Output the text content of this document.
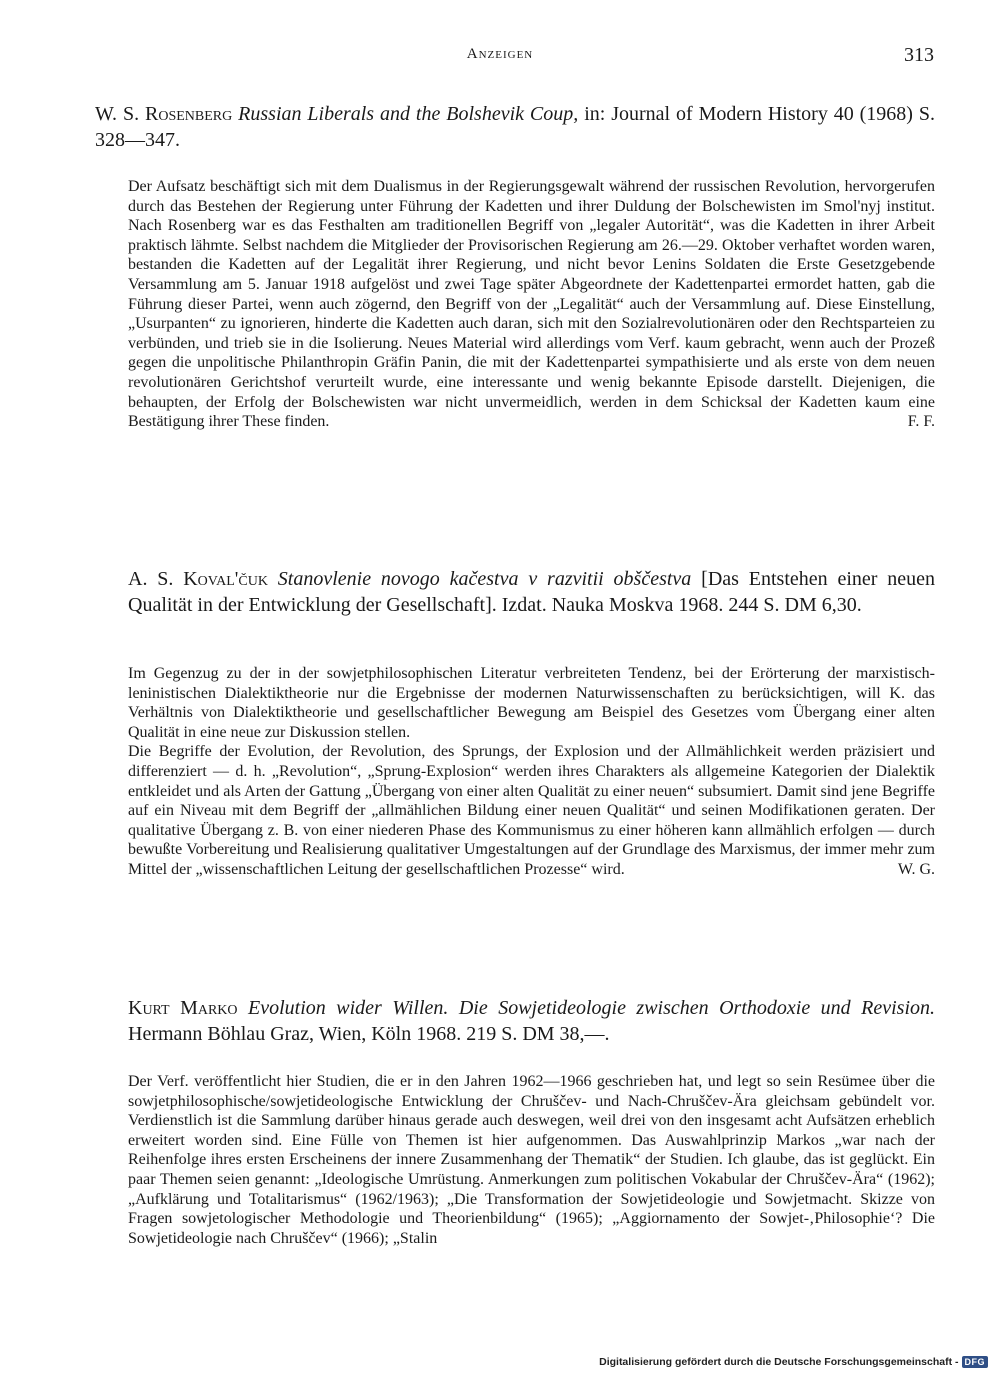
Anzeigen	313

W. S. Rosenberg Russian Liberals and the Bolshevik Coup, in: Journal of Modern History 40 (1968) S. 328—347.

Der Aufsatz beschäftigt sich mit dem Dualismus in der Regierungsgewalt während der russischen Revolution, hervorgerufen durch das Bestehen der Regierung unter Führung der Kadetten und ihrer Duldung der Bolschewisten im Smol'nyj institut. Nach Rosenberg war es das Festhalten am traditionellen Begriff von „legaler Autorität“, was die Kadetten in ihrer Arbeit praktisch lähmte. Selbst nachdem die Mitglieder der Provisorischen Regierung am 26.—29. Oktober verhaftet worden waren, bestanden die Kadetten auf der Legalität ihrer Regierung, und nicht bevor Lenins Soldaten die Erste Gesetzgebende Versammlung am 5. Januar 1918 aufgelöst und zwei Tage später Abgeordnete der Kadettenpartei ermordet hatten, gab die Führung dieser Partei, wenn auch zögernd, den Begriff von der „Legalität“ auch der Versammlung auf. Diese Einstellung, „Usurpanten“ zu ignorieren, hinderte die Kadetten auch daran, sich mit den Sozialrevolutionären oder den Rechtsparteien zu verbünden, und trieb sie in die Isolierung. Neues Material wird allerdings vom Verf. kaum gebracht, wenn auch der Prozeß gegen die unpolitische Philanthropin Gräfin Panin, die mit der Kadettenpartei sympathisierte und als erste von dem neuen revolutionären Gerichtshof verurteilt wurde, eine interessante und wenig bekannte Episode darstellt. Diejenigen, die behaupten, der Erfolg der Bolschewisten war nicht unvermeidlich, werden in dem Schicksal der Kadetten kaum eine Bestätigung ihrer These finden.	F. F.

A. S. Koval'čuk Stanovlenie novogo kačestva v razvitii obščestva [Das Entstehen einer neuen Qualität in der Entwicklung der Gesellschaft]. Izdat. Nauka Moskva 1968. 244 S. DM 6,30.

Im Gegenzug zu der in der sowjetphilosophischen Literatur verbreiteten Tendenz, bei der Erörterung der marxistisch-leninistischen Dialektiktheorie nur die Ergebnisse der modernen Naturwissenschaften zu berücksichtigen, will K. das Verhältnis von Dialektiktheorie und gesellschaftlicher Bewegung am Beispiel des Gesetzes vom Übergang einer alten Qualität in eine neue zur Diskussion stellen.

Die Begriffe der Evolution, der Revolution, des Sprungs, der Explosion und der Allmählichkeit werden präzisiert und differenziert — d. h. „Revolution“, „Sprung-Explosion“ werden ihres Charakters als allgemeine Kategorien der Dialektik entkleidet und als Arten der Gattung „Übergang von einer alten Qualität zu einer neuen“ subsumiert. Damit sind jene Begriffe auf ein Niveau mit dem Begriff der „allmählichen Bildung einer neuen Qualität“ und seinen Modifikationen geraten. Der qualitative Übergang z. B. von einer niederen Phase des Kommunismus zu einer höheren kann allmählich erfolgen — durch bewußte Vorbereitung und Realisierung qualitativer Umgestaltungen auf der Grundlage des Marxismus, der immer mehr zum Mittel der „wissenschaftlichen Leitung der gesellschaftlichen Prozesse“ wird.	W. G.

Kurt Marko Evolution wider Willen. Die Sowjetideologie zwischen Orthodoxie und Revision. Hermann Böhlau Graz, Wien, Köln 1968. 219 S. DM 38,—.

Der Verf. veröffentlicht hier Studien, die er in den Jahren 1962—1966 geschrieben hat, und legt so sein Resümee über die sowjetphilosophische/sowjetideologische Entwicklung der Chruščev- und Nach-Chruščev-Ära gleichsam gebündelt vor. Verdienstlich ist die Sammlung darüber hinaus gerade auch deswegen, weil drei von den insgesamt acht Aufsätzen erheblich erweitert worden sind. Eine Fülle von Themen ist hier aufgenommen. Das Auswahlprinzip Markos „war nach der Reihenfolge ihres ersten Erscheinens der innere Zusammenhang der Thematik“ der Studien. Ich glaube, das ist geglückt. Ein paar Themen seien genannt: „Ideologische Umrüstung. Anmerkungen zum politischen Vokabular der Chruščev-Ära“ (1962); „Aufklärung und Totalitarismus“ (1962/1963); „Die Transformation der Sowjetideologie und Sowjetmacht. Skizze von Fragen sowjetologischer Methodologie und Theorienbildung“ (1965); „Aggiornamento der Sowjet-‚Philosophie‘? Die Sowjetideologie nach Chruščev“ (1966); „Stalin

Digitalisierung gefördert durch die Deutsche Forschungsgemeinschaft - DFG
